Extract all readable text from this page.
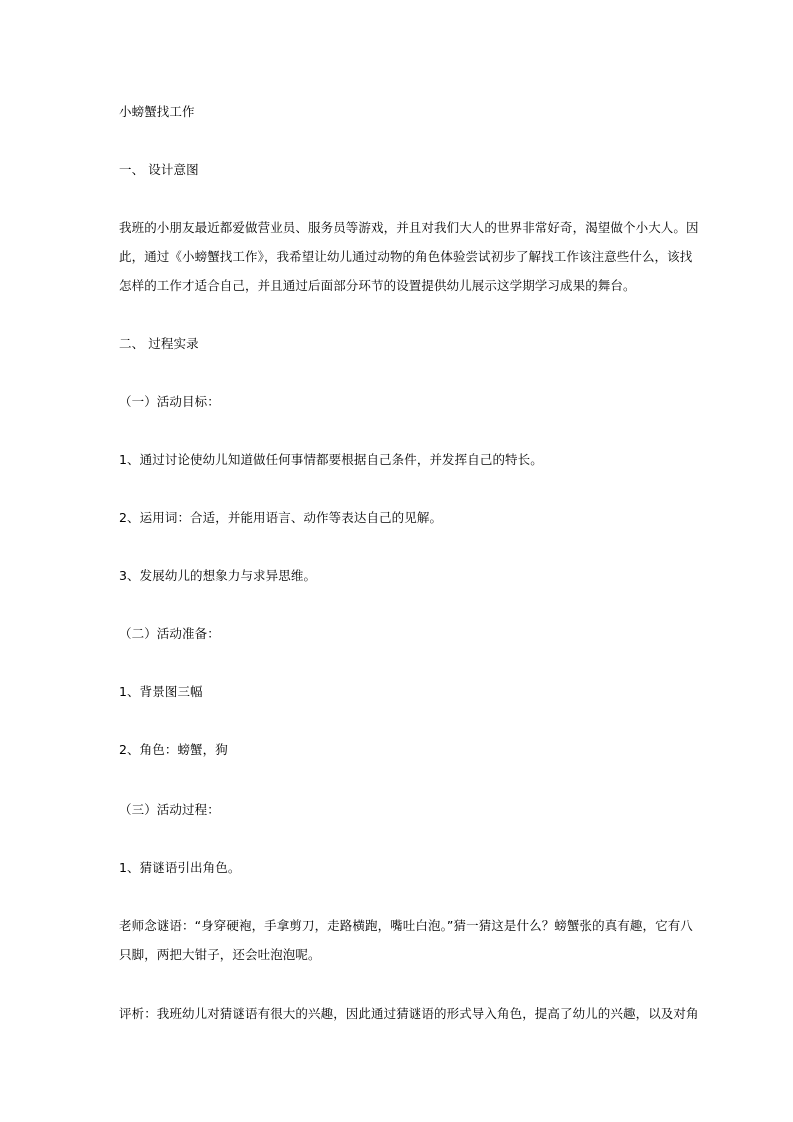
小螃蟹找工作

一、 设计意图

我班的小朋友最近都爱做营业员、服务员等游戏，并且对我们大人的世界非常好奇，渴望做个小大人。因
此，通过《小螃蟹找工作》，我希望让幼儿通过动物的角色体验尝试初步了解找工作该注意些什么，该找
怎样的工作才适合自己，并且通过后面部分环节的设置提供幼儿展示这学期学习成果的舞台。

二、 过程实录

（一）活动目标：

1、通过讨论使幼儿知道做任何事情都要根据自己条件，并发挥自己的特长。

2、运用词：合适，并能用语言、动作等表达自己的见解。

3、发展幼儿的想象力与求异思维。

（二）活动准备：

1、背景图三幅

2、角色：螃蟹，狗

（三）活动过程：

1、猜谜语引出角色。

老师念谜语：“身穿硬袍，手拿剪刀，走路横跑，嘴吐白泡。”猜一猜这是什么？螃蟹张的真有趣，它有八
只脚，两把大钳子，还会吐泡泡呢。

评析：我班幼儿对猜谜语有很大的兴趣，因此通过猜谜语的形式导入角色，提高了幼儿的兴趣，以及对角
